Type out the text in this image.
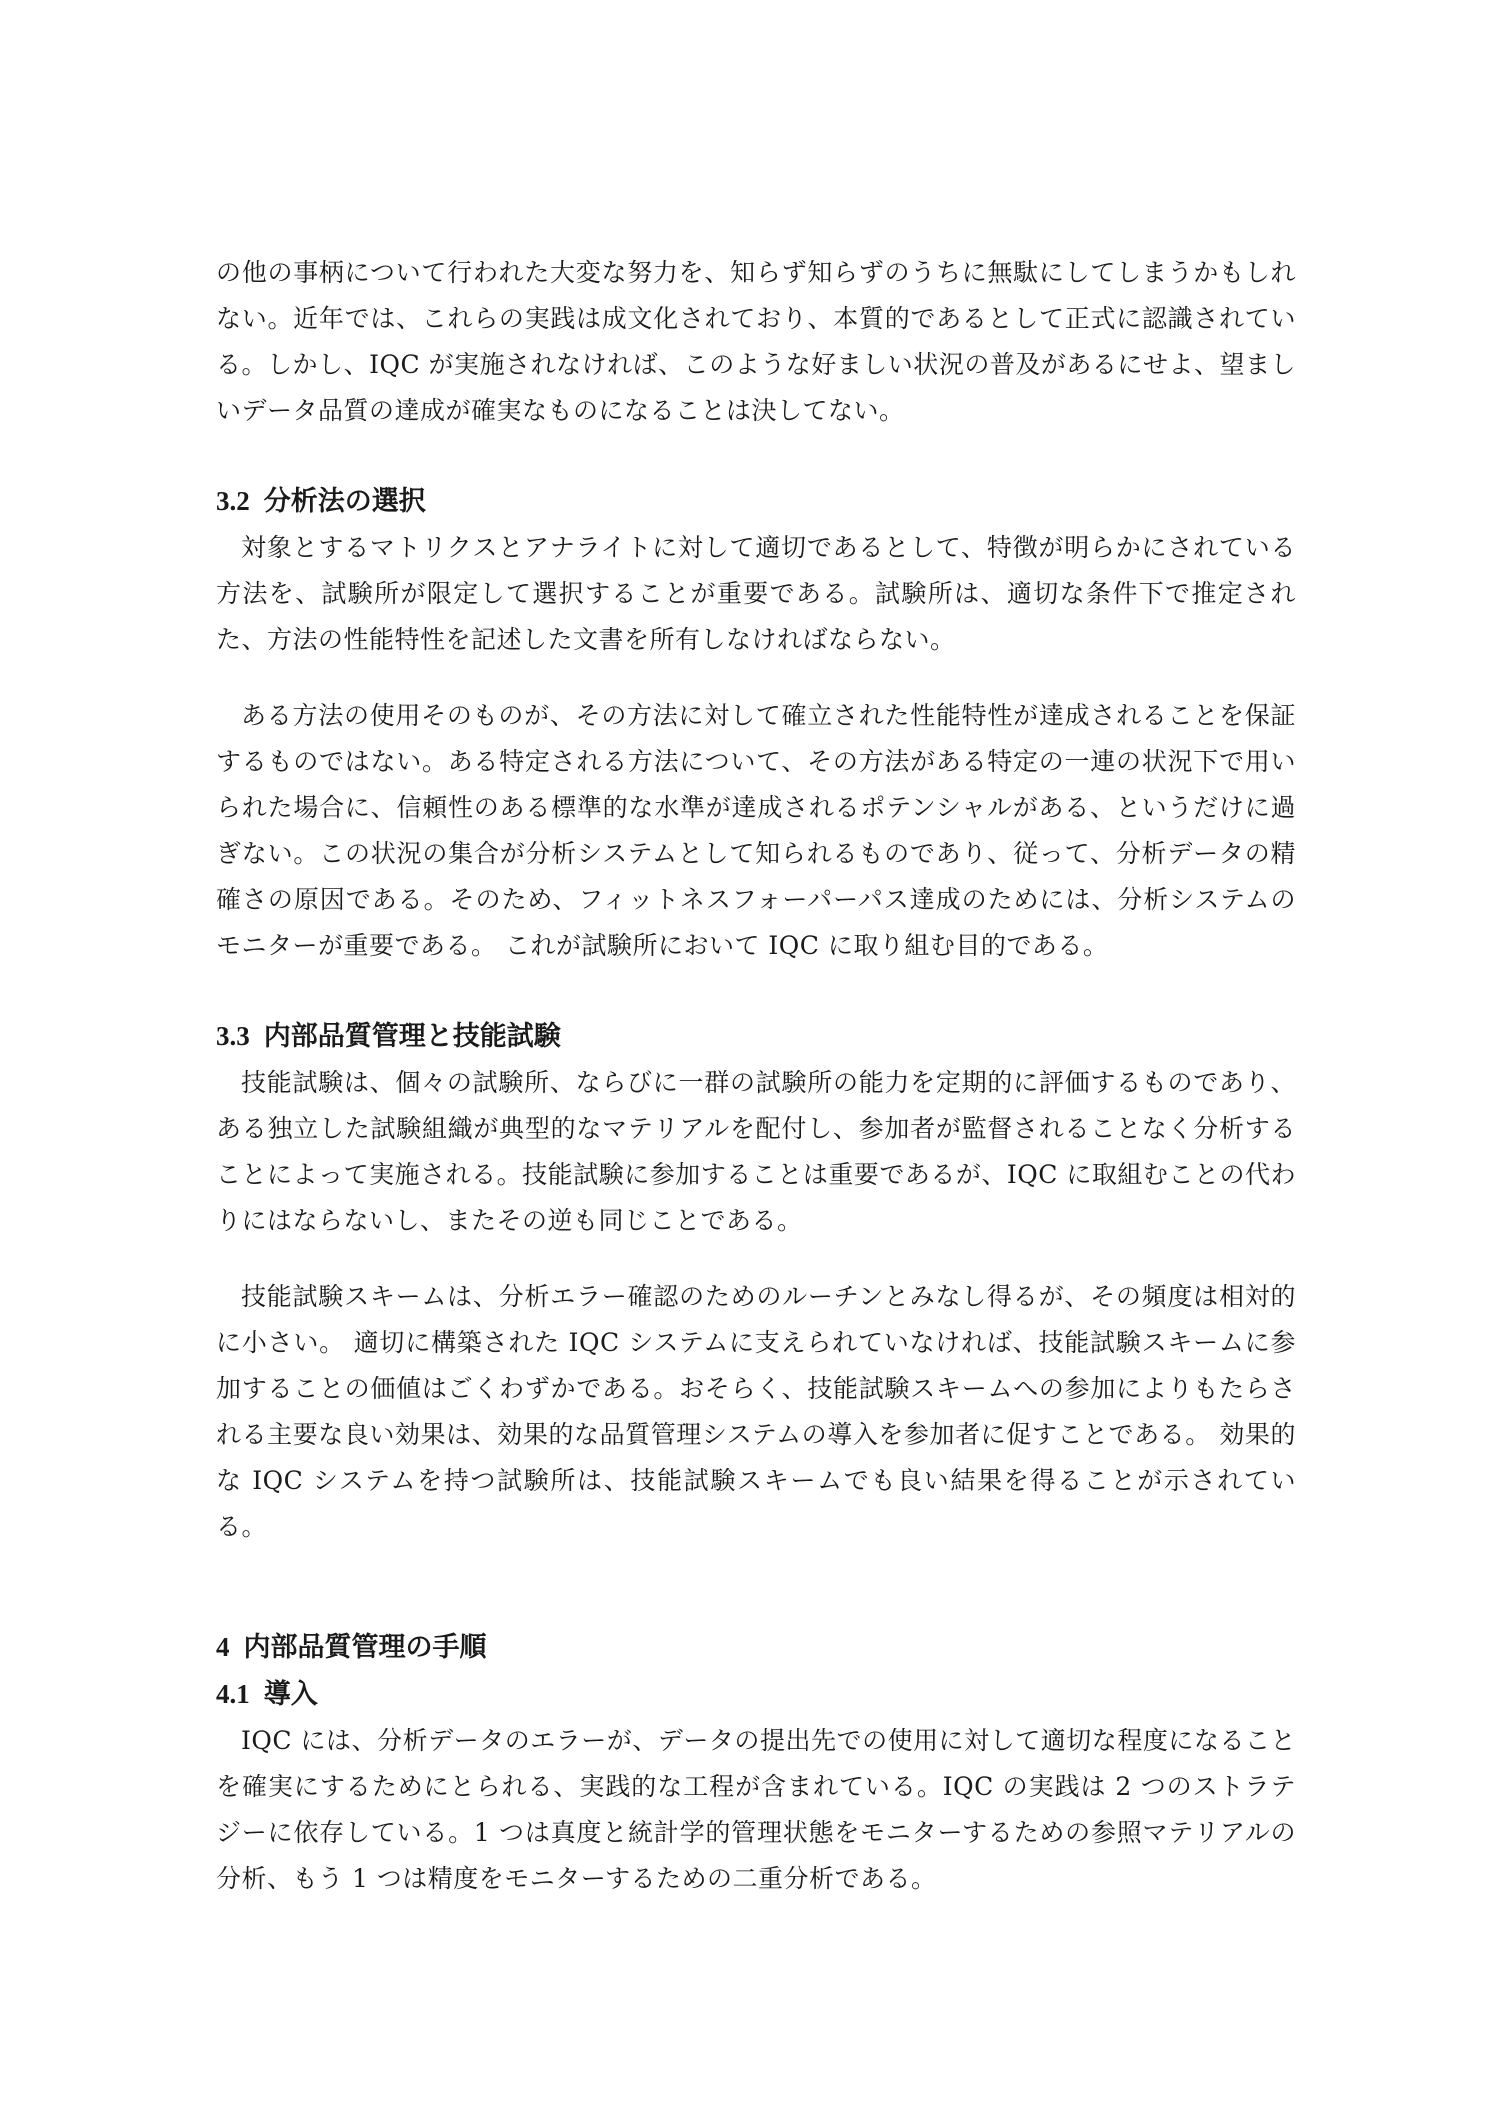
の他の事柄について行われた大変な努力を、知らず知らずのうちに無駄にしてしまうかもしれない。近年では、これらの実践は成文化されており、本質的であるとして正式に認識されている。しかし、IQC が実施されなければ、このような好ましい状況の普及があるにせよ、望ましいデータ品質の達成が確実なものになることは決してない。

3.2 分析法の選択

対象とするマトリクスとアナライトに対して適切であるとして、特徴が明らかにされている方法を、試験所が限定して選択することが重要である。試験所は、適切な条件下で推定された、方法の性能特性を記述した文書を所有しなければならない。

ある方法の使用そのものが、その方法に対して確立された性能特性が達成されることを保証するものではない。ある特定される方法について、その方法がある特定の一連の状況下で用いられた場合に、信頼性のある標準的な水準が達成されるポテンシャルがある、というだけに過ぎない。この状況の集合が分析システムとして知られるものであり、従って、分析データの精確さの原因である。そのため、フィットネスフォーパーパス達成のためには、分析システムのモニターが重要である。 これが試験所において IQC に取り組む目的である。

3.3 内部品質管理と技能試験

技能試験は、個々の試験所、ならびに一群の試験所の能力を定期的に評価するものであり、ある独立した試験組織が典型的なマテリアルを配付し、参加者が監督されることなく分析することによって実施される。技能試験に参加することは重要であるが、IQC に取組むことの代わりにはならないし、またその逆も同じことである。

技能試験スキームは、分析エラー確認のためのルーチンとみなし得るが、その頻度は相対的に小さい。 適切に構築された IQC システムに支えられていなければ、技能試験スキームに参加することの価値はごくわずかである。おそらく、技能試験スキームへの参加によりもたらされる主要な良い効果は、効果的な品質管理システムの導入を参加者に促すことである。 効果的な IQC システムを持つ試験所は、技能試験スキームでも良い結果を得ることが示されている。

4 内部品質管理の手順
4.1 導入

IQC には、分析データのエラーが、データの提出先での使用に対して適切な程度になることを確実にするためにとられる、実践的な工程が含まれている。IQC の実践は 2 つのストラテジーに依存している。1 つは真度と統計学的管理状態をモニターするための参照マテリアルの分析、もう 1 つは精度をモニターするための二重分析である。
